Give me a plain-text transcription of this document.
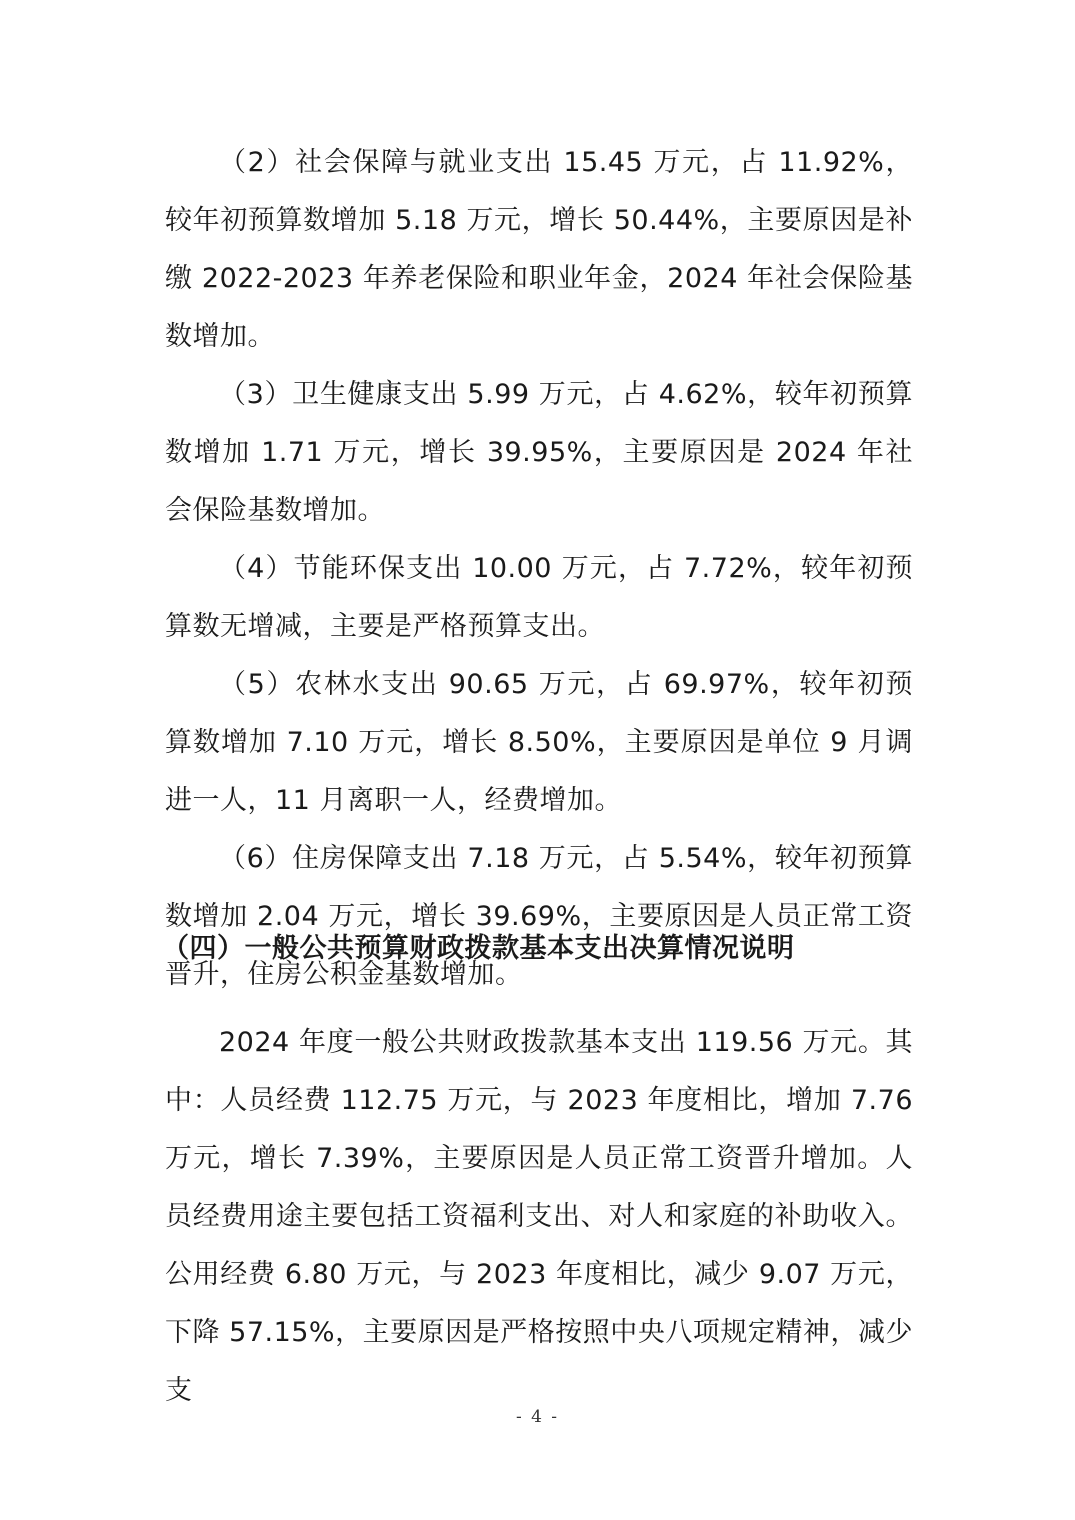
（2）社会保障与就业支出 15.45 万元，占 11.92%，较年初预算数增加 5.18 万元，增长 50.44%，主要原因是补缴 2022-2023 年养老保险和职业年金，2024 年社会保险基数增加。

（3）卫生健康支出 5.99 万元，占 4.62%，较年初预算数增加 1.71 万元，增长 39.95%，主要原因是 2024 年社会保险基数增加。

（4）节能环保支出 10.00 万元，占 7.72%，较年初预算数无增减，主要是严格预算支出。

（5）农林水支出 90.65 万元，占 69.97%，较年初预算数增加 7.10 万元，增长 8.50%，主要原因是单位 9 月调进一人，11 月离职一人，经费增加。

（6）住房保障支出 7.18 万元，占 5.54%，较年初预算数增加 2.04 万元，增长 39.69%，主要原因是人员正常工资晋升，住房公积金基数增加。

（四）一般公共预算财政拨款基本支出决算情况说明

2024 年度一般公共财政拨款基本支出 119.56 万元。其中：人员经费 112.75 万元，与 2023 年度相比，增加 7.76 万元，增长 7.39%，主要原因是人员正常工资晋升增加。人员经费用途主要包括工资福利支出、对人和家庭的补助收入。公用经费 6.80 万元，与 2023 年度相比，减少 9.07 万元，下降 57.15%，主要原因是严格按照中央八项规定精神，减少支

- 4 -
